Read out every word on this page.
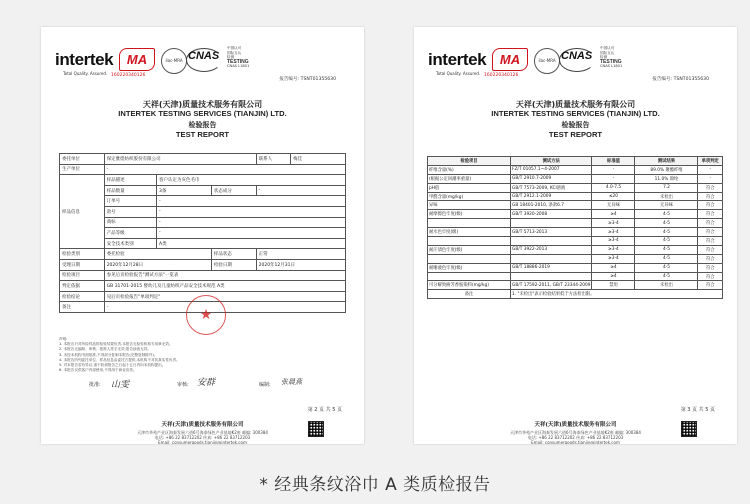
intertek
Total Quality. Assured.
MA
160220340126
ilac-MRA CNAS
中国认可
国际互认
检测
TESTING
CNAS L1801
报告编号: TSNT01355630
天祥(天津)质量技术服务有限公司
INTERTEK TESTING SERVICES (TIANJIN) LTD.
检验报告
TEST REPORT
委托单位	保定雅缇纺织股份有限公司			联系人	梅佳
生产单位	-				
样品信息	样品描述	客户认定为灰色毛巾			
	样品数量	3条	状态成分	-	
	订单号	-			
	款号	-			
	商标	-			
	产品等级	-			
	安全技术类别	A类			
检验类别	委托检验		样品状态	正常	
受理日期	2020年12月28日		检验日期	2020年12月31日	
检验项目	参见后页检验报告"测试方法"一览表				
判定依据	GB 31701-2015 婴幼儿及儿童纺织产品安全技术规范 A类				
检验结论	见后页检验报告"单项判定"				
备注	-					★
声明:
1. 本报告只对所检样品的检验结果负责,本报告无检验机构专用章无效。
2. 本报告无编制、审核、批准人签字无效,报告涂改无效。
3. 未经本机构书面批准,不得部分复制本报告(完整复制除外)。
4. 本报告所列委托单位、样品信息由委托方提供,本机构不对其真实性负责。
5. 对本报告若有异议,请于收到报告之日起十五日内向本机构提出。
6. 本报告仅供客户内部使用,不得用于商业宣传。
批准: 山雯	审核: 安群	编制: 张晨燕
第 2 页 共 5 页
天祥(天津)质量技术服务有限公司
天津市华苑产业区海泰发展六道6号海泰绿色产业基地K2座 邮编: 300384
电话: +86 22 83712202 传真: +86 22 83712203
Email: consumergoods.tianjin@intertek.com
intertek
Total Quality. Assured.
MA
160220340126
ilac-MRA CNAS
中国认可
国际互认
检测
TESTING
CNAS L1801
报告编号: TSNT01355630
天祥(天津)质量技术服务有限公司
INTERTEK TESTING SERVICES (TIANJIN) LTD.
检验报告
TEST REPORT
检验项目	测试方法	标准值	测试结果	单项判定
纤维含量(%)	FZ/T 01057.1~4-2007	-	89.0% 聚酯纤维	-
(根据公定回潮率重量)	GB/T 2910.7-2009	-	11.0% 锦纶	-
pH值	GB/T 7573-2009, KCl溶液	4.0-7.5	7.2	符合
甲醛含量(mg/kg)	GB/T 2912.1-2009	≤20	未检出	符合
异味	GB 18401-2010, 条款6.7	无异味	无异味	符合
耐摩擦色牢度(级)	GB/T 3920-2008	≥4	4-5	符合
		≥3-4	4-5	符合
耐水色牢度(级)	GB/T 5713-2013	≥3-4	4-5	符合
		≥3-4	4-5	符合
耐汗渍色牢度(级)	GB/T 3922-2013	≥3-4	4-5	符合
		≥3-4	4-5	符合
耐唾液色牢度(级)	GB/T 18886-2019	≥4	4-5	符合
		≥4	4-5	符合
可分解致癌芳香胺染料(mg/kg)	GB/T 17592-2011, GB/T 23344-2009	禁用	未检出	符合
备注	1. "未检出"表示检验结果低于方法检出限。			
第 3 页 共 5 页
天祥(天津)质量技术服务有限公司
天津市华苑产业区海泰发展六道6号海泰绿色产业基地K2座 邮编: 300384
电话: +86 22 83712202 传真: +86 22 83712203
Email: consumergoods.tianjin@intertek.com
* 经典条纹浴巾 A 类质检报告
